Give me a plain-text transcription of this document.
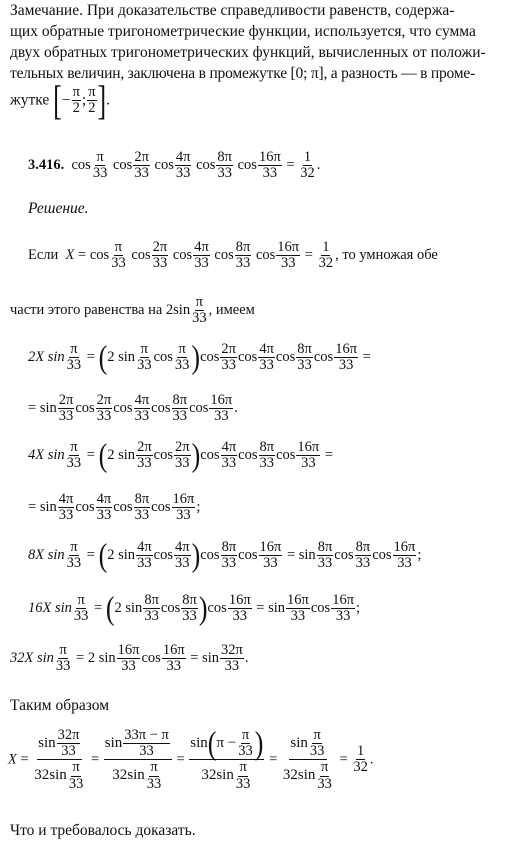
Замечание. При доказательстве справедливости равенств, содержа-
щих обратные тригонометрические функции, используется, что сумма
двух обратных тригонометрических функций, вычисленных от положи-
тельных величин, заключена в промежутке [0; π], а разность — в проме-
жутке [− $\frac{\pi}{2}$ ; $\frac{\pi}{2}$ ].
3.416. $\cos \frac{\pi}{33}$ $\cos \frac{2\pi}{33}$ $\cos \frac{4\pi}{33}$ $\cos \frac{8\pi}{33}$ $\cos \frac{16\pi}{33} = \frac{1}{32}$ .
Решение.
Если $X = \cos \frac{\pi}{33}$ $\cos \frac{2\pi}{33}$ $\cos \frac{4\pi}{33}$ $\cos \frac{8\pi}{33}$ $\cos \frac{16\pi}{33} = \frac{1}{32}$ , то умножая обе
части этого равенства на $2\sin \frac{\pi}{33}$ , имеем
2X $\sin \frac{\pi}{33} = (2$ $\sin \frac{\pi}{33}$ $\cos \frac{\pi}{33} )\cos \frac{2\pi}{33}$ $\cos \frac{4\pi}{33}$ $\cos \frac{8\pi}{33}$ $\cos \frac{16\pi}{33}$ =
= $\sin \frac{2\pi}{33}$ $\cos \frac{2\pi}{33}$ $\cos \frac{4\pi}{33}$ $\cos \frac{8\pi}{33}$ $\cos \frac{16\pi}{33}$ .
4X $\sin \frac{\pi}{33} = (2$ $\sin \frac{2\pi}{33}$ $\cos \frac{2\pi}{33} )\cos \frac{4\pi}{33}$ $\cos \frac{8\pi}{33}$ $\cos \frac{16\pi}{33}$ =
= $\sin \frac{4\pi}{33}$ $\cos \frac{4\pi}{33}$ $\cos \frac{8\pi}{33}$ $\cos \frac{16\pi}{33}$ ;
8X $\sin \frac{\pi}{33} = (2$ $\sin \frac{4\pi}{33}$ $\cos \frac{4\pi}{33} )\cos \frac{8\pi}{33}$ $\cos \frac{16\pi}{33} = \sin \frac{8\pi}{33}$ $\cos \frac{8\pi}{33}$ $\cos \frac{16\pi}{33}$ ;
16X $\sin \frac{\pi}{33} = (2$ $\sin \frac{8\pi}{33}$ $\cos \frac{8\pi}{33} )\cos \frac{16\pi}{33} = \sin \frac{16\pi}{33}$ $\cos \frac{16\pi}{33}$ ;
32X $\sin \frac{\pi}{33} = 2$ $\sin \frac{16\pi}{33}$ $\cos \frac{16\pi}{33} = \sin \frac{32\pi}{33}$ .
Таким образом
$X = \frac{\sin \frac{32\pi}{33}}{32\sin \frac{\pi}{33}} = \frac{\sin \frac{33\pi - \pi}{33}}{32\sin \frac{\pi}{33}} = \frac{\sin(\pi - \frac{\pi}{33} )}{32\sin \frac{\pi}{33}} = \frac{\sin \frac{\pi}{33}}{32\sin \frac{\pi}{33}} = \frac{1}{32}$ .
Что и требовалось доказать.
